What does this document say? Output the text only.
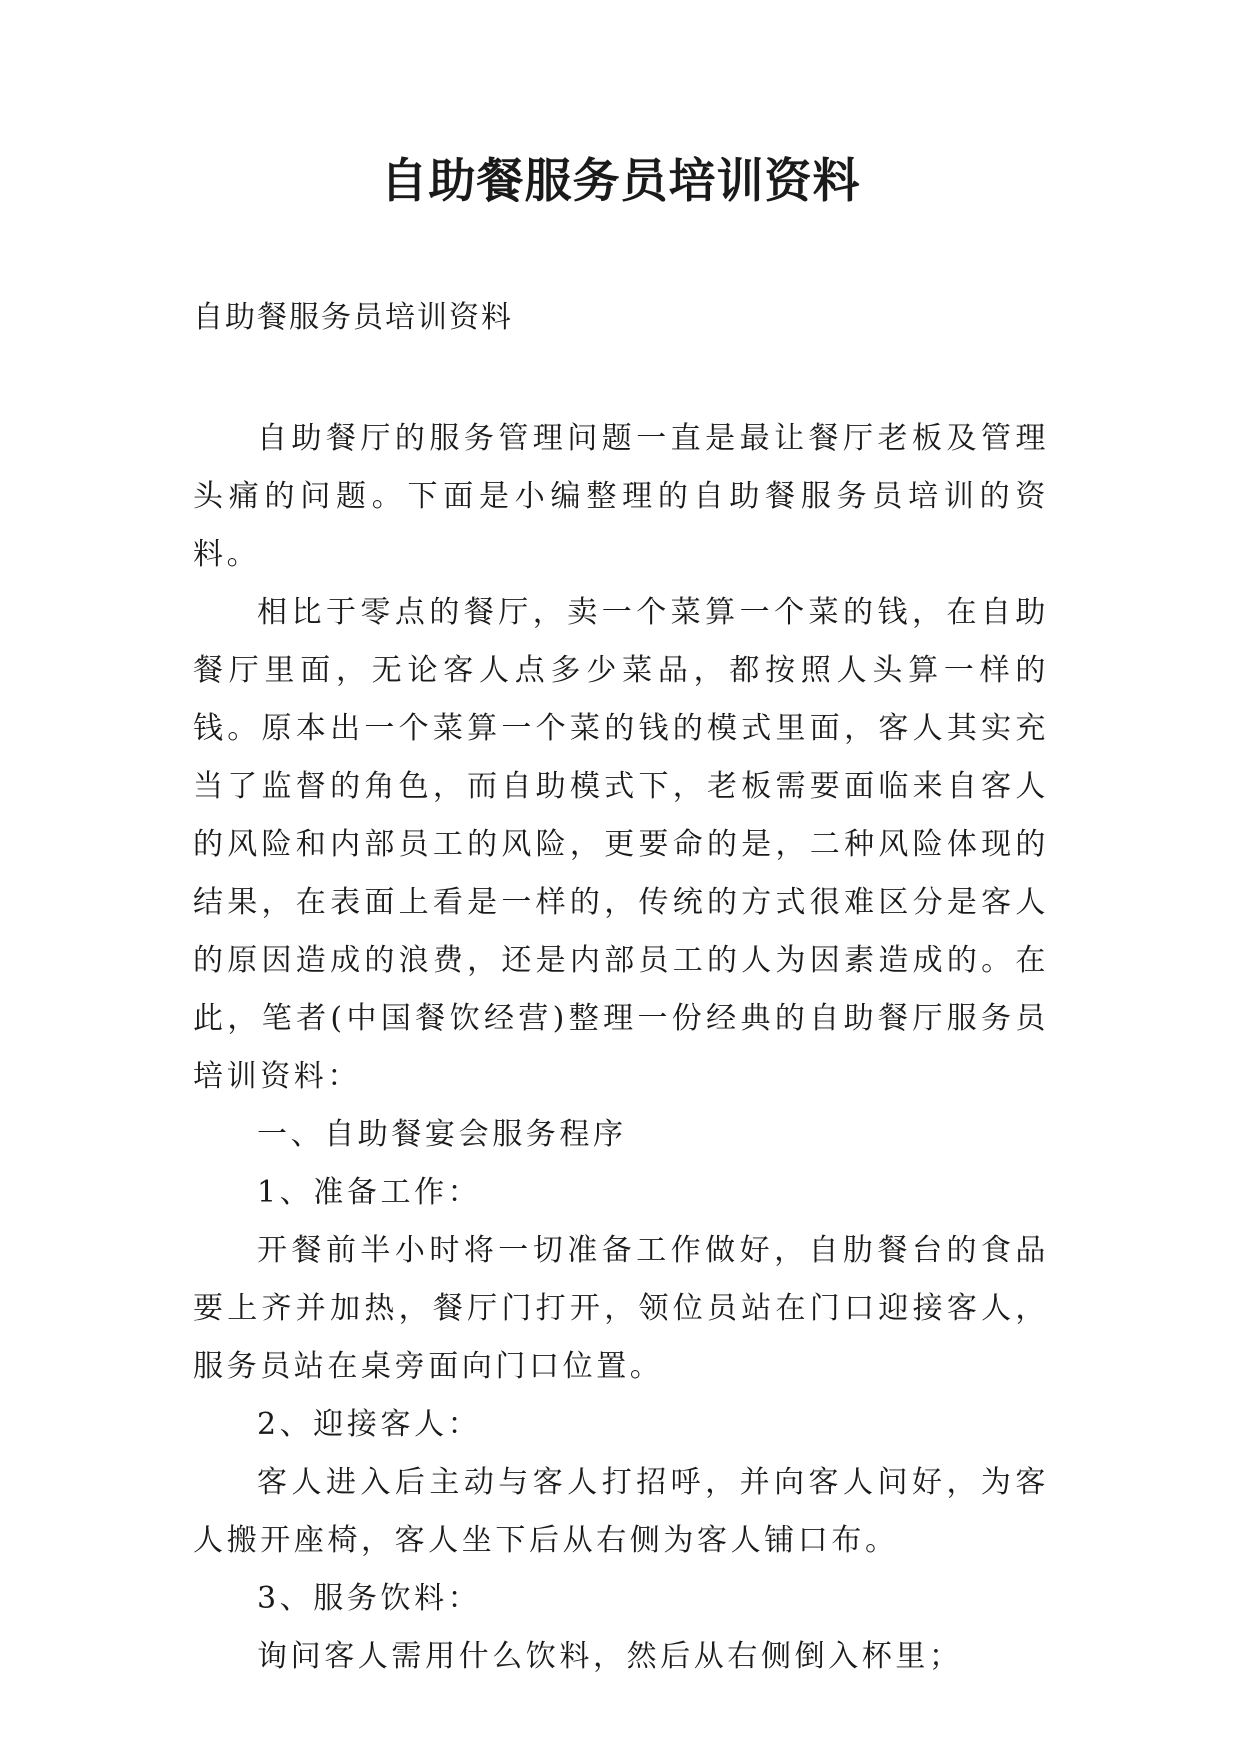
自助餐服务员培训资料
自助餐服务员培训资料

自助餐厅的服务管理问题一直是最让餐厅老板及管理头痛的问题。下面是小编整理的自助餐服务员培训的资料。

相比于零点的餐厅，卖一个菜算一个菜的钱，在自助餐厅里面，无论客人点多少菜品，都按照人头算一样的钱。原本出一个菜算一个菜的钱的模式里面，客人其实充当了监督的角色，而自助模式下，老板需要面临来自客人的风险和内部员工的风险，更要命的是，二种风险体现的结果，在表面上看是一样的，传统的方式很难区分是客人的原因造成的浪费，还是内部员工的人为因素造成的。在此，笔者(中国餐饮经营)整理一份经典的自助餐厅服务员培训资料：

一、自助餐宴会服务程序

1、准备工作：

开餐前半小时将一切准备工作做好，自肋餐台的食品要上齐并加热，餐厅门打开，领位员站在门口迎接客人，服务员站在桌旁面向门口位置。

2、迎接客人：

客人进入后主动与客人打招呼，并向客人问好，为客人搬开座椅，客人坐下后从右侧为客人铺口布。

3、服务饮料：

询问客人需用什么饮料，然后从右侧倒入杯里；
